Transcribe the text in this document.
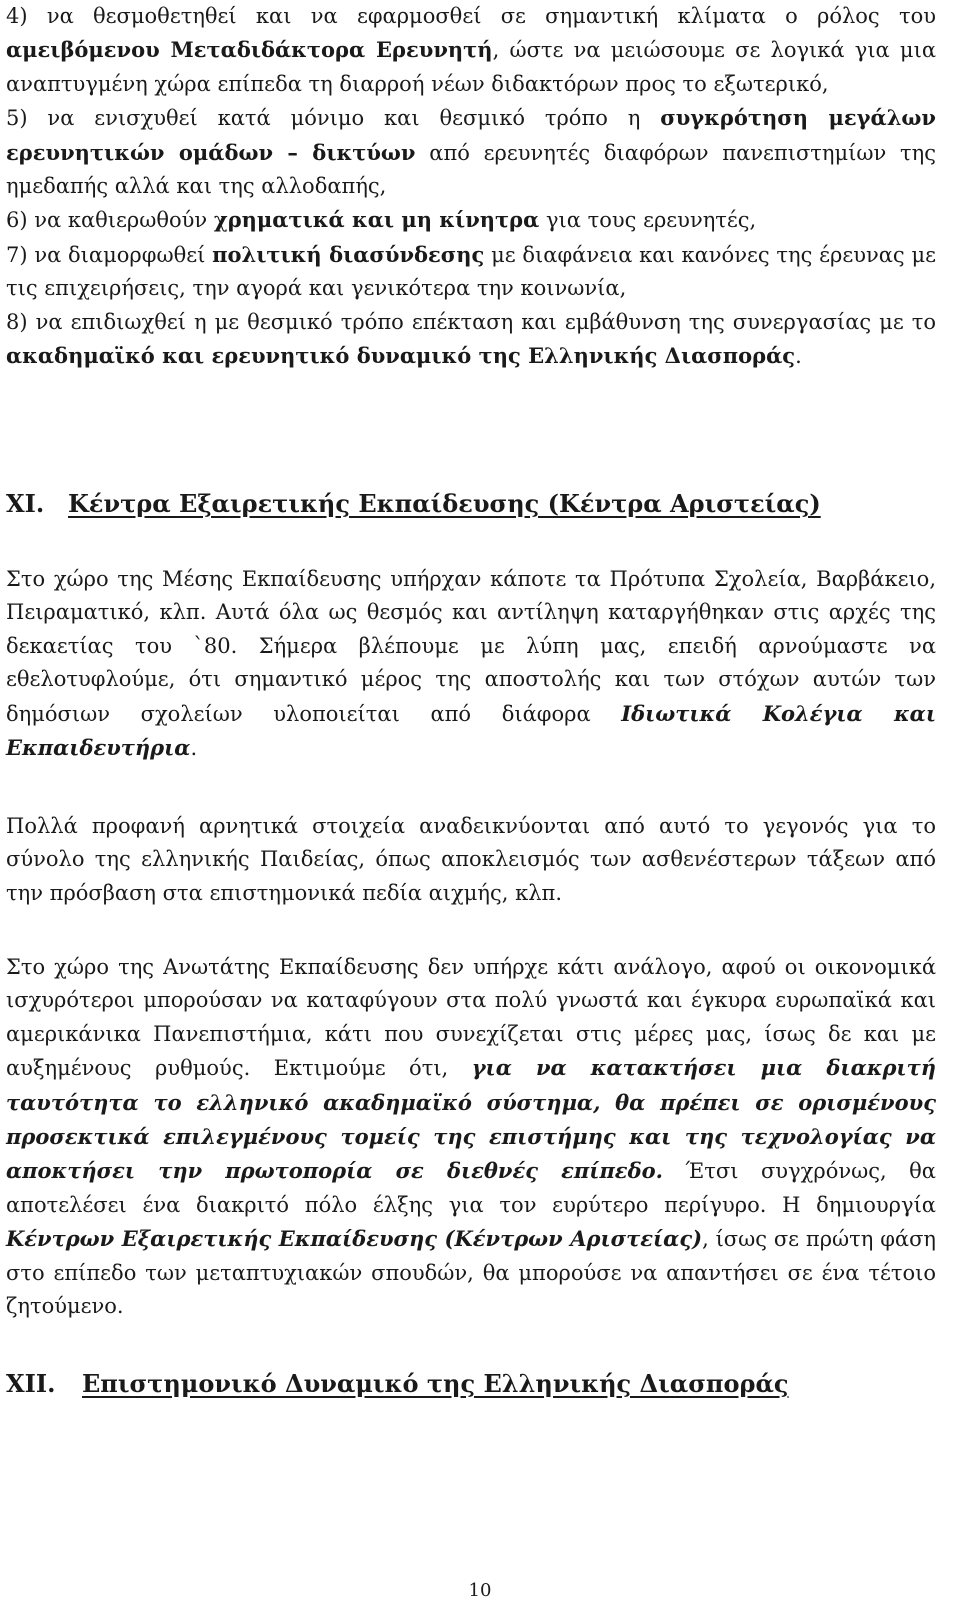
4) να θεσμοθετηθεί και να εφαρμοσθεί σε σημαντική κλίματα ο ρόλος του αμειβόμενου Μεταδιδάκτορα Ερευνητή, ώστε να μειώσουμε σε λογικά για μια αναπτυγμένη χώρα επίπεδα τη διαρροή νέων διδακτόρων προς το εξωτερικό,

5) να ενισχυθεί κατά μόνιμο και θεσμικό τρόπο η συγκρότηση μεγάλων ερευνητικών ομάδων – δικτύων από ερευνητές διαφόρων πανεπιστημίων της ημεδαπής αλλά και της αλλοδαπής,

6) να καθιερωθούν χρηματικά και μη κίνητρα για τους ερευνητές,

7) να διαμορφωθεί πολιτική διασύνδεσης με διαφάνεια και κανόνες της έρευνας με τις επιχειρήσεις, την αγορά και γενικότερα την κοινωνία,

8) να επιδιωχθεί η με θεσμικό τρόπο επέκταση και εμβάθυνση της συνεργασίας με το ακαδημαϊκό και ερευνητικό δυναμικό της Ελληνικής Διασποράς.

XI. Κέντρα Εξαιρετικής Εκπαίδευσης (Κέντρα Αριστείας)

Στο χώρο της Μέσης Εκπαίδευσης υπήρχαν κάποτε τα Πρότυπα Σχολεία, Βαρβάκειο, Πειραματικό, κλπ. Αυτά όλα ως θεσμός και αντίληψη καταργήθηκαν στις αρχές της δεκαετίας του `80. Σήμερα βλέπουμε με λύπη μας, επειδή αρνούμαστε να εθελοτυφλούμε, ότι σημαντικό μέρος της αποστολής και των στόχων αυτών των δημόσιων σχολείων υλοποιείται από διάφορα Ιδιωτικά Κολέγια και Εκπαιδευτήρια.

Πολλά προφανή αρνητικά στοιχεία αναδεικνύονται από αυτό το γεγονός για το σύνολο της ελληνικής Παιδείας, όπως αποκλεισμός των ασθενέστερων τάξεων από την πρόσβαση στα επιστημονικά πεδία αιχμής, κλπ.

Στο χώρο της Ανωτάτης Εκπαίδευσης δεν υπήρχε κάτι ανάλογο, αφού οι οικονομικά ισχυρότεροι μπορούσαν να καταφύγουν στα πολύ γνωστά και έγκυρα ευρωπαϊκά και αμερικάνικα Πανεπιστήμια, κάτι που συνεχίζεται στις μέρες μας, ίσως δε και με αυξημένους ρυθμούς. Εκτιμούμε ότι, για να κατακτήσει μια διακριτή ταυτότητα το ελληνικό ακαδημαϊκό σύστημα, θα πρέπει σε ορισμένους προσεκτικά επιλεγμένους τομείς της επιστήμης και της τεχνολογίας να αποκτήσει την πρωτοπορία σε διεθνές επίπεδο. Έτσι συγχρόνως, θα αποτελέσει ένα διακριτό πόλο έλξης για τον ευρύτερο περίγυρο. Η δημιουργία Κέντρων Εξαιρετικής Εκπαίδευσης (Κέντρων Αριστείας), ίσως σε πρώτη φάση στο επίπεδο των μεταπτυχιακών σπουδών, θα μπορούσε να απαντήσει σε ένα τέτοιο ζητούμενο.

XII. Επιστημονικό Δυναμικό της Ελληνικής Διασποράς
10
